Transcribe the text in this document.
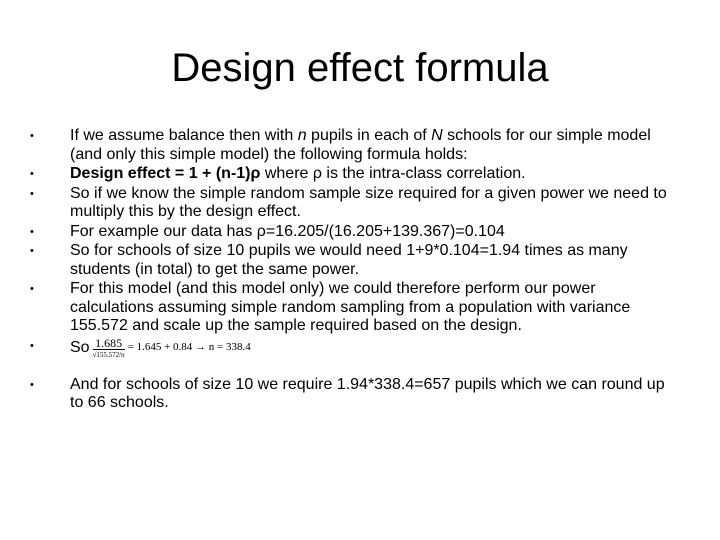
Design effect formula
•	If we assume balance then with n pupils in each of N schools for our simple model (and only this simple model) the following formula holds:
•	Design effect = 1 + (n-1)ρ where ρ is the intra-class correlation.
•	So if we know the simple random sample size required for a given power we need to multiply this by the design effect.
•	For example our data has ρ=16.205/(16.205+139.367)=0.104
•	So for schools of size 10 pupils we would need 1+9*0.104=1.94 times as many students (in total) to get the same power.
•	For this model (and this model only) we could therefore perform our power calculations assuming simple random sampling from a population with variance 155.572 and scale up the sample required based on the design.
•	So $\frac{1.685}{√155.572/n} = 1.645 + 0.84 \to n = 338.4$
•	And for schools of size 10 we require 1.94*338.4=657 pupils which we can round up to 66 schools.
